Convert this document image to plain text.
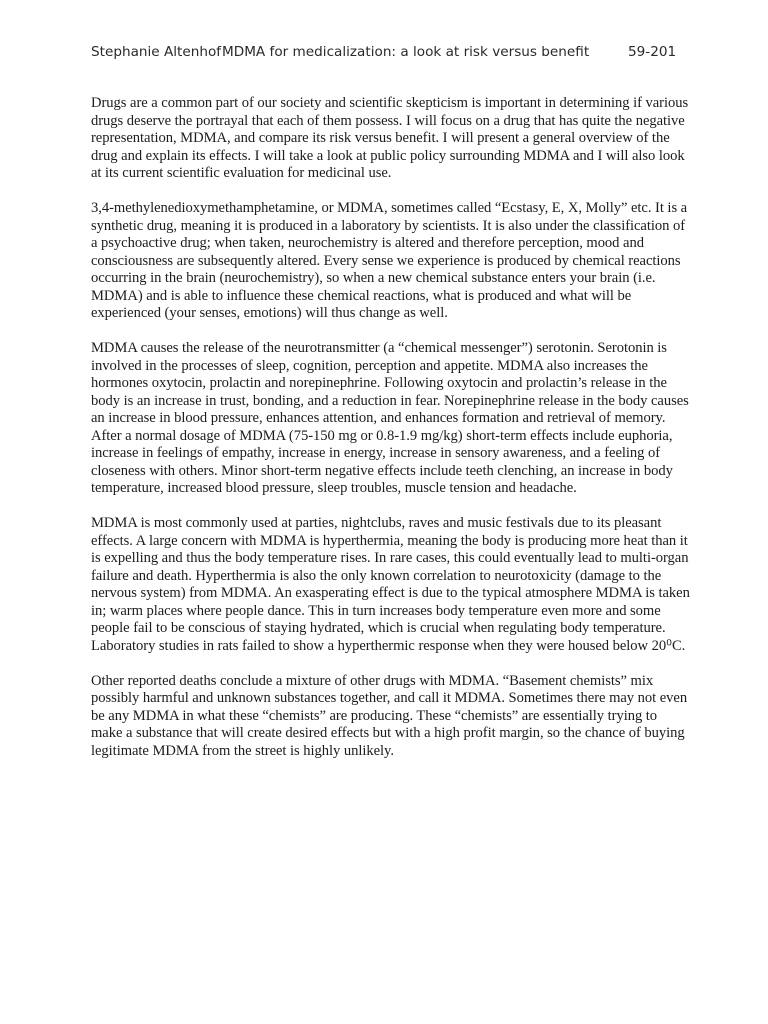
Stephanie Altenhof MDMA for medicalization: a look at risk versus benefit	59-201

Drugs are a common part of our society and scientific skepticism is important in determining if various drugs deserve the portrayal that each of them possess. I will focus on a drug that has quite the negative representation, MDMA, and compare its risk versus benefit. I will present a general overview of the drug and explain its effects. I will take a look at public policy surrounding MDMA and I will also look at its current scientific evaluation for medicinal use.

3,4-methylenedioxymethamphetamine, or MDMA, sometimes called “Ecstasy, E, X, Molly” etc. It is a synthetic drug, meaning it is produced in a laboratory by scientists. It is also under the classification of a psychoactive drug; when taken, neurochemistry is altered and therefore perception, mood and consciousness are subsequently altered. Every sense we experience is produced by chemical reactions occurring in the brain (neurochemistry), so when a new chemical substance enters your brain (i.e. MDMA) and is able to influence these chemical reactions, what is produced and what will be experienced (your senses, emotions) will thus change as well.

MDMA causes the release of the neurotransmitter (a “chemical messenger”) serotonin. Serotonin is involved in the processes of sleep, cognition, perception and appetite. MDMA also increases the hormones oxytocin, prolactin and norepinephrine. Following oxytocin and prolactin’s release in the body is an increase in trust, bonding, and a reduction in fear. Norepinephrine release in the body causes an increase in blood pressure, enhances attention, and enhances formation and retrieval of memory. After a normal dosage of MDMA (75-150 mg or 0.8-1.9 mg/kg) short-term effects include euphoria, increase in feelings of empathy, increase in energy, increase in sensory awareness, and a feeling of closeness with others. Minor short-term negative effects include teeth clenching, an increase in body temperature, increased blood pressure, sleep troubles, muscle tension and headache.

MDMA is most commonly used at parties, nightclubs, raves and music festivals due to its pleasant effects. A large concern with MDMA is hyperthermia, meaning the body is producing more heat than it is expelling and thus the body temperature rises. In rare cases, this could eventually lead to multi-organ failure and death. Hyperthermia is also the only known correlation to neurotoxicity (damage to the nervous system) from MDMA. An exasperating effect is due to the typical atmosphere MDMA is taken in; warm places where people dance. This in turn increases body temperature even more and some people fail to be conscious of staying hydrated, which is crucial when regulating body temperature. Laboratory studies in rats failed to show a hyperthermic response when they were housed below 20⁰C.

Other reported deaths conclude a mixture of other drugs with MDMA. “Basement chemists” mix possibly harmful and unknown substances together, and call it MDMA. Sometimes there may not even be any MDMA in what these “chemists” are producing. These “chemists” are essentially trying to make a substance that will create desired effects but with a high profit margin, so the chance of buying legitimate MDMA from the street is highly unlikely.
